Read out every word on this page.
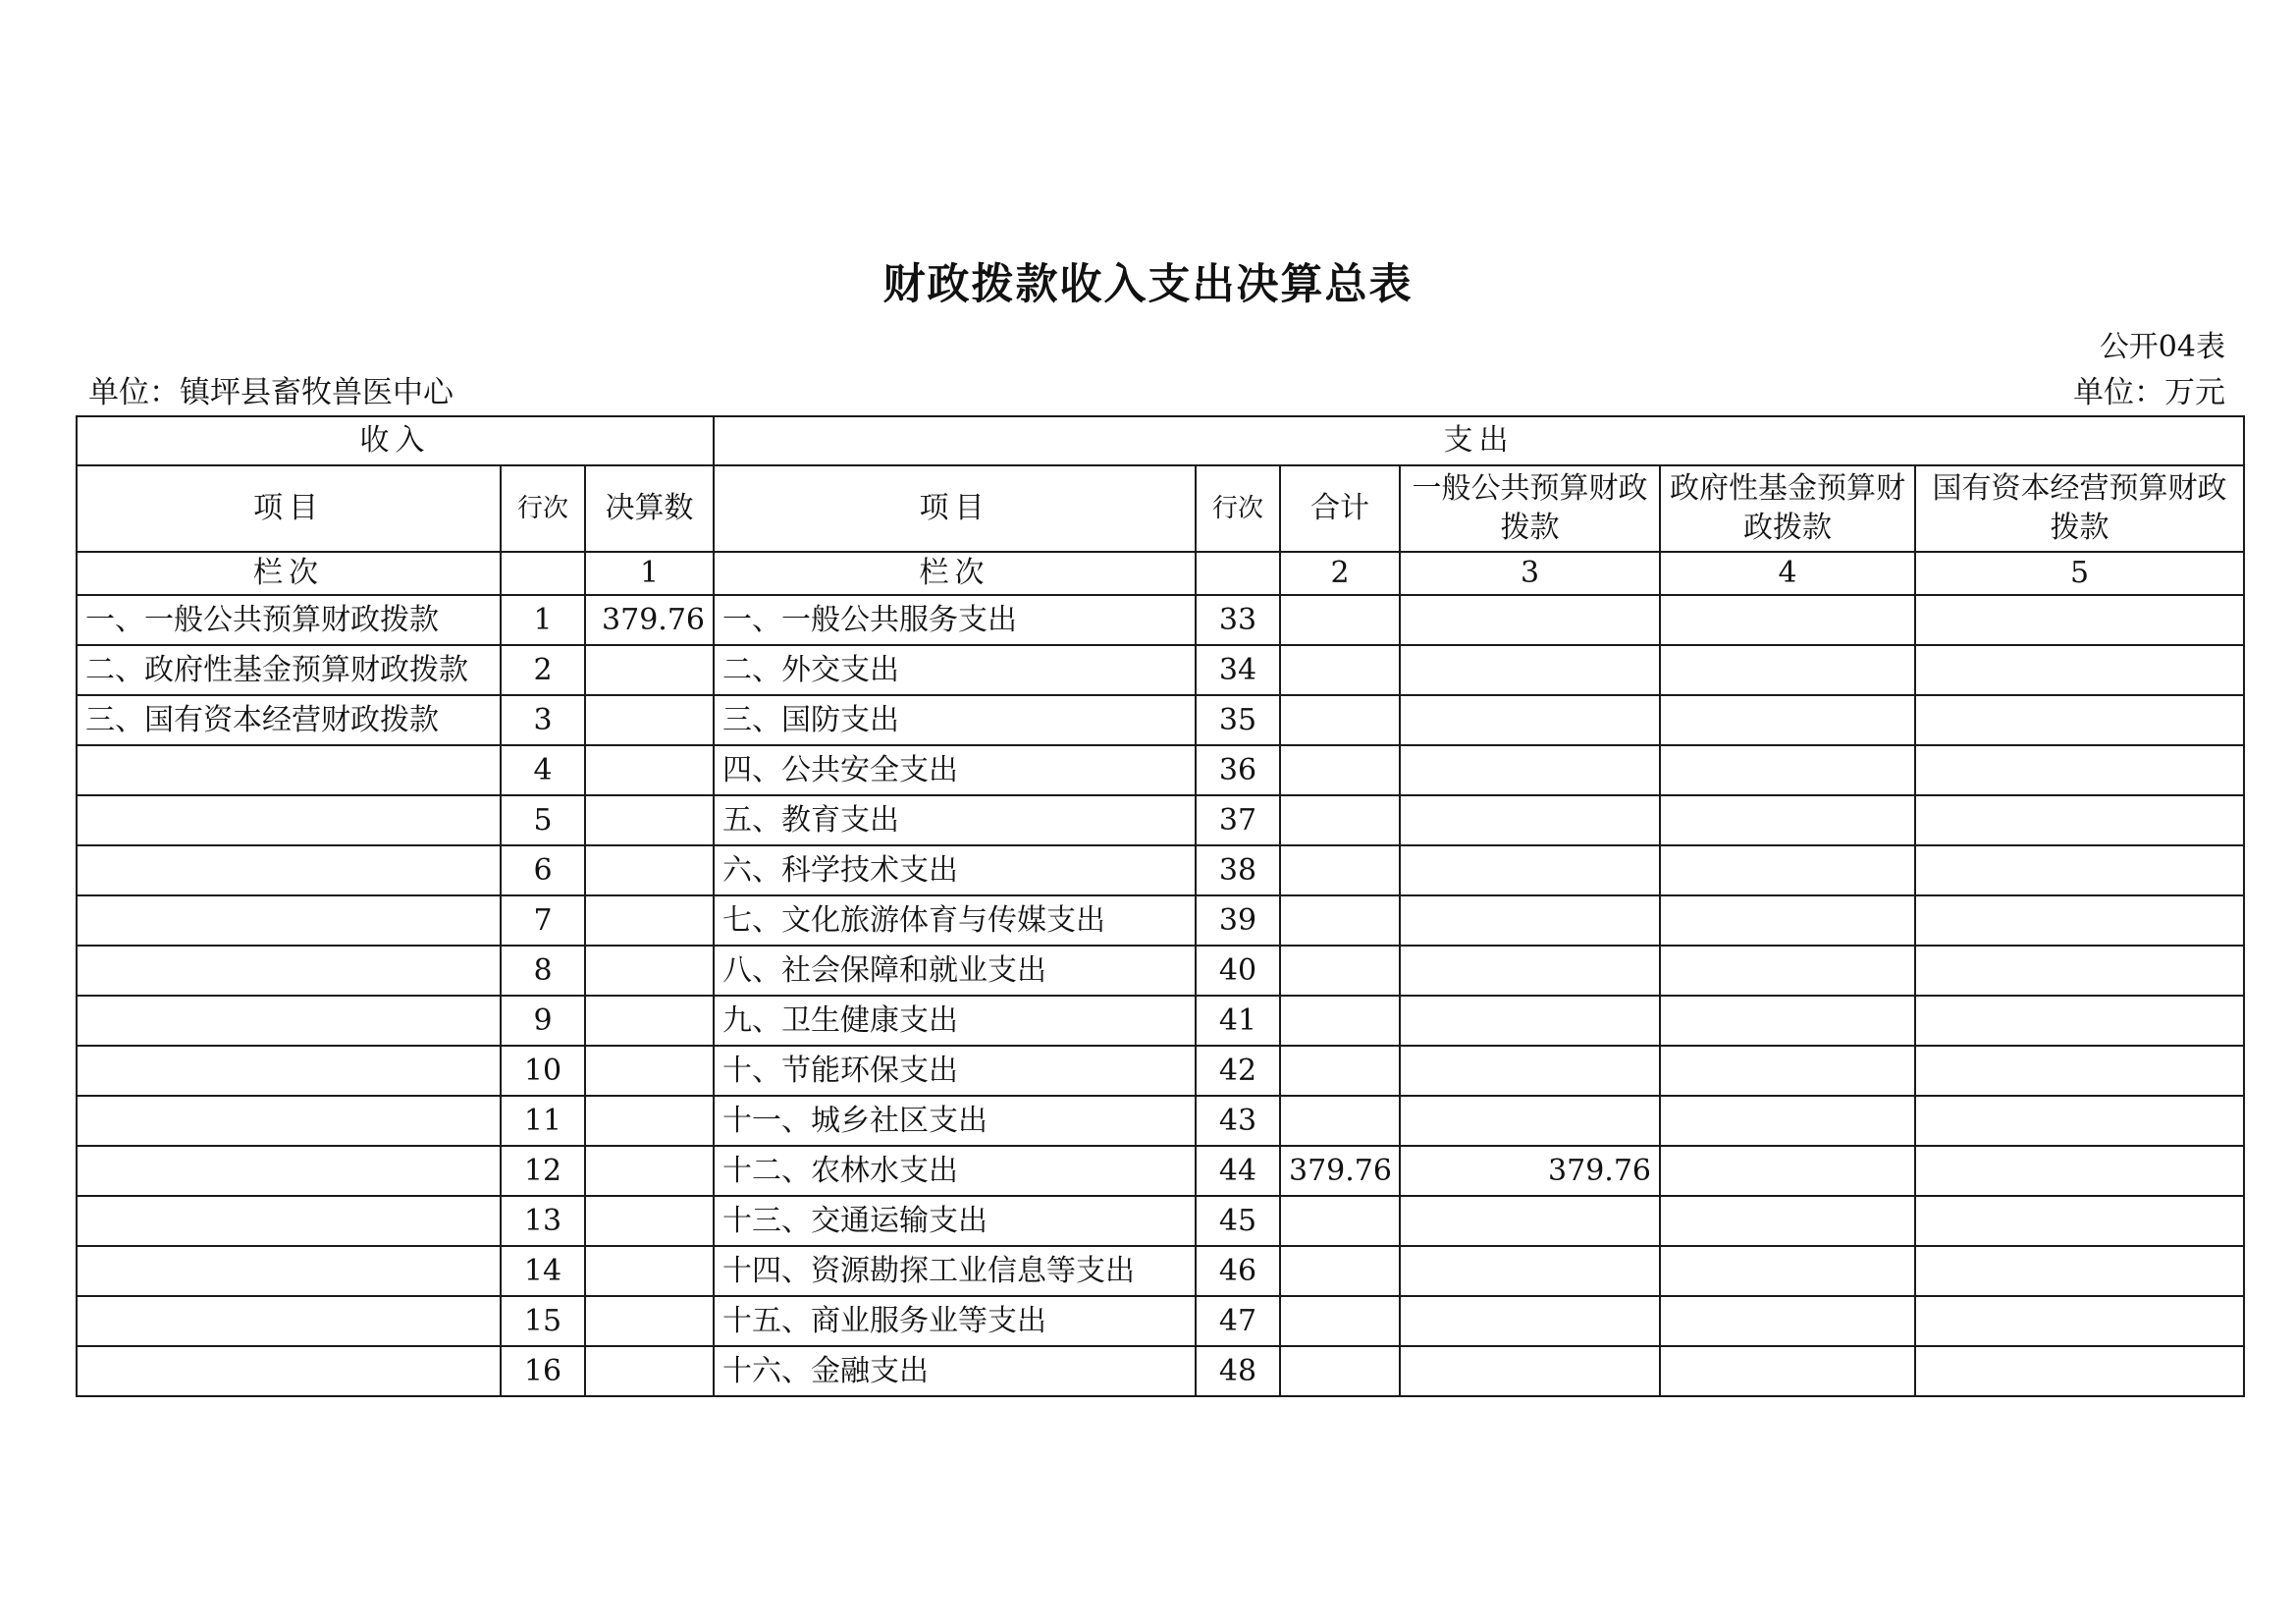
财政拨款收入支出决算总表
公开04表
单位：镇坪县畜牧兽医中心	单位：万元
收入			支出					
项目	行次	决算数	项目	行次	合计	一般公共预算财政拨款	政府性基金预算财政拨款	国有资本经营预算财政拨款
栏次		1	栏次		2	3	4	5
一、一般公共预算财政拨款	1	379.76	一、一般公共服务支出	33				
二、政府性基金预算财政拨款	2		二、外交支出	34				
三、国有资本经营财政拨款	3		三、国防支出	35				
	4		四、公共安全支出	36				
	5		五、教育支出	37				
	6		六、科学技术支出	38				
	7		七、文化旅游体育与传媒支出	39				
	8		八、社会保障和就业支出	40				
	9		九、卫生健康支出	41				
	10		十、节能环保支出	42				
	11		十一、城乡社区支出	43				
	12		十二、农林水支出	44	379.76	379.76		
	13		十三、交通运输支出	45				
	14		十四、资源勘探工业信息等支出	46				
	15		十五、商业服务业等支出	47				
	16		十六、金融支出	48				
